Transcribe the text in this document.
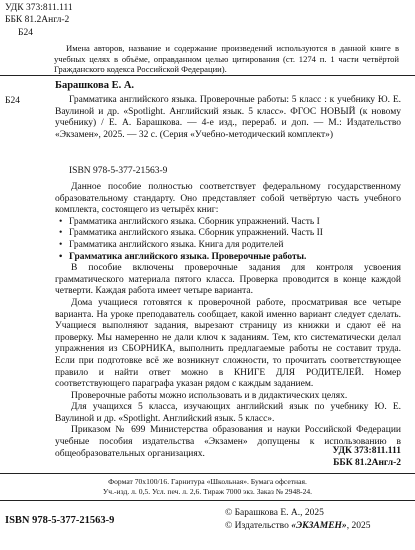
УДК 373:811.111
ББК 81.2Англ-2
Б24
Имена авторов, название и содержание произведений используются в данной книге в учебных целях в объёме, оправданном целью цитирования (ст. 1274 п. 1 части четвёртой Гражданского кодекса Российской Федерации).
Барашкова Е. А.
Б24	Грамматика английского языка. Проверочные работы: 5 класс : к учебнику Ю. Е. Ваулиной и др. «Spotlight. Английский язык. 5 класс». ФГОС НОВЫЙ (к новому учебнику) / Е. А. Барашкова. — 4-е изд., перераб. и доп. — М.: Издательство «Экзамен», 2025. — 32 с. (Серия «Учебно-методический комплект»)
ISBN 978-5-377-21563-9

Данное пособие полностью соответствует федеральному государственному образовательному стандарту. Оно представляет собой четвёртую часть учебного комплекта, состоящего из четырёх книг:

• Грамматика английского языка. Сборник упражнений. Часть I
• Грамматика английского языка. Сборник упражнений. Часть II
• Грамматика английского языка. Книга для родителей
• Грамматика английского языка. Проверочные работы.

В пособие включены проверочные задания для контроля усвоения грамматического материала пятого класса. Проверка проводится в конце каждой четверти. Каждая работа имеет четыре варианта.

Дома учащиеся готовятся к проверочной работе, просматривая все четыре варианта. На уроке преподаватель сообщает, какой именно вариант следует сделать. Учащиеся выполняют задания, вырезают страницу из книжки и сдают её на проверку. Мы намеренно не дали ключ к заданиям. Тем, кто систематически делал упражнения из СБОРНИКА, выполнить предлагаемые работы не составит труда. Если при подготовке всё же возникнут сложности, то прочитать соответствующее правило и найти ответ можно в КНИГЕ ДЛЯ РОДИТЕЛЕЙ. Номер соответствующего параграфа указан рядом с каждым заданием.

Проверочные работы можно использовать и в дидактических целях.

Для учащихся 5 класса, изучающих английский язык по учебнику Ю. Е. Ваулиной и др. «Spotlight. Английский язык. 5 класс».

Приказом № 699 Министерства образования и науки Российской Федерации учебные пособия издательства «Экзамен» допущены к использованию в общеобразовательных организациях.	УДК 373:811.111
ББК 81.2Англ-2
Формат 70х100/16. Гарнитура «Школьная». Бумага офсетная.
Уч.-изд. л. 0,5. Усл. печ. л. 2,6. Тираж 7000 экз. Заказ № 2948-24.
ISBN 978-5-377-21563-9
© Барашкова Е. А., 2025
© Издательство «ЭКЗАМЕН», 2025
